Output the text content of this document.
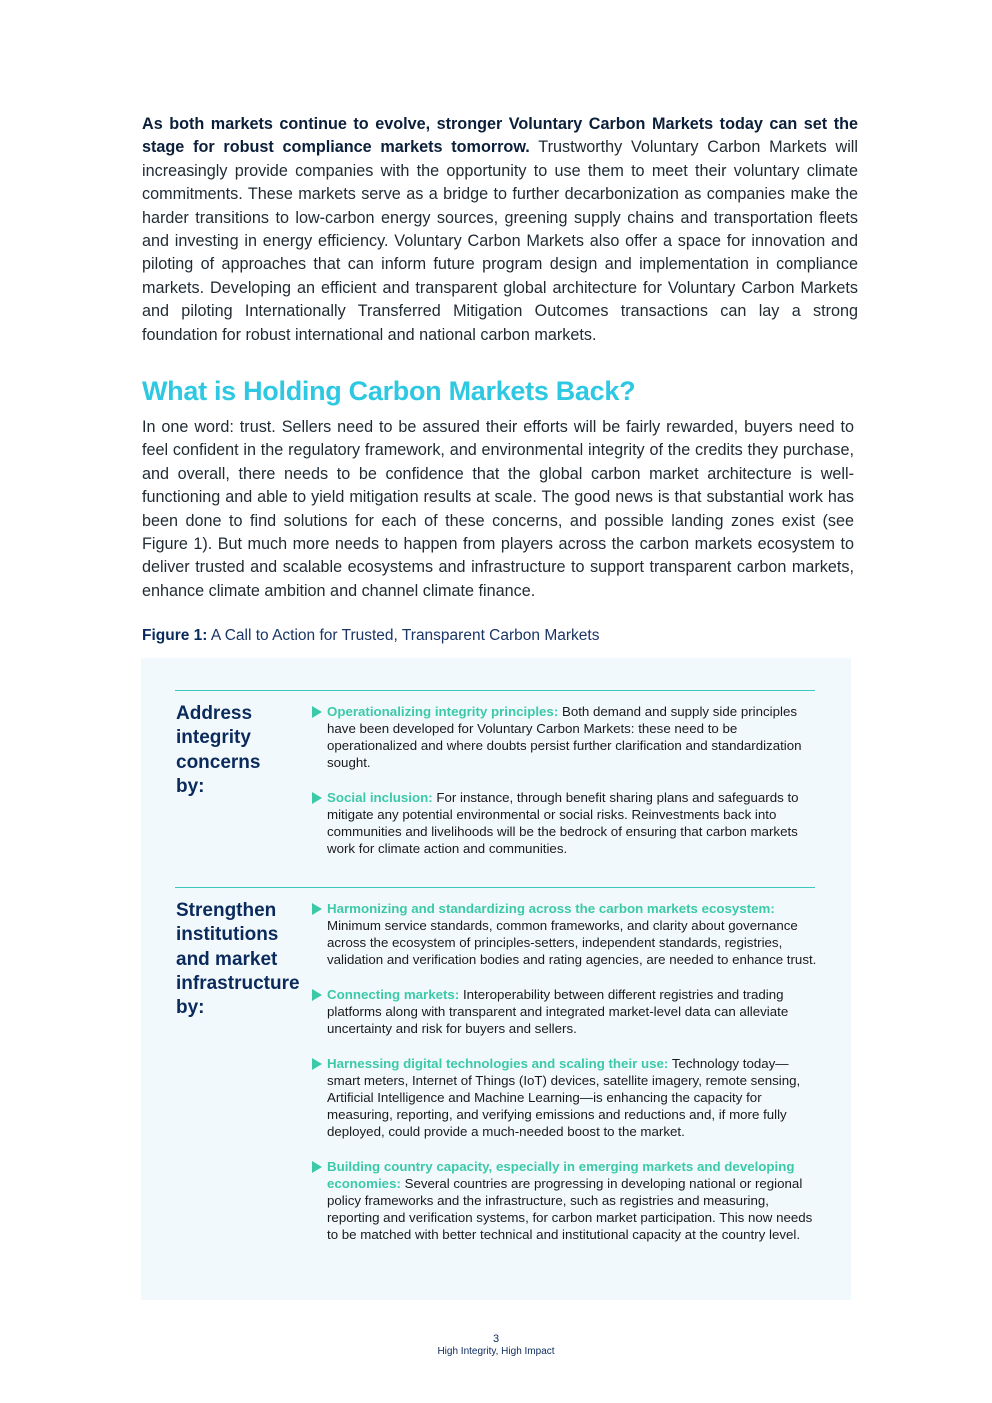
As both markets continue to evolve, stronger Voluntary Carbon Markets today can set the stage for robust compliance markets tomorrow. Trustworthy Voluntary Carbon Markets will increasingly provide companies with the opportunity to use them to meet their voluntary climate commitments. These markets serve as a bridge to further decarbonization as companies make the harder transitions to low-carbon energy sources, greening supply chains and transportation fleets and investing in energy efficiency. Voluntary Carbon Markets also offer a space for innovation and piloting of approaches that can inform future program design and implementation in compliance markets. Developing an efficient and transparent global architecture for Voluntary Carbon Markets and piloting Internationally Transferred Mitigation Outcomes transactions can lay a strong foundation for robust international and national carbon markets.

What is Holding Carbon Markets Back?

In one word: trust. Sellers need to be assured their efforts will be fairly rewarded, buyers need to feel confident in the regulatory framework, and environmental integrity of the credits they purchase, and overall, there needs to be confidence that the global carbon market architecture is well-functioning and able to yield mitigation results at scale. The good news is that substantial work has been done to find solutions for each of these concerns, and possible landing zones exist (see Figure 1). But much more needs to happen from players across the carbon markets ecosystem to deliver trusted and scalable ecosystems and infrastructure to support transparent carbon markets, enhance climate ambition and channel climate finance.

Figure 1: A Call to Action for Trusted, Transparent Carbon Markets

Address
integrity
concerns
by:
Operationalizing integrity principles: Both demand and supply side principles have been developed for Voluntary Carbon Markets: these need to be operationalized and where doubts persist further clarification and standardization sought.
Social inclusion: For instance, through benefit sharing plans and safeguards to mitigate any potential environmental or social risks. Reinvestments back into communities and livelihoods will be the bedrock of ensuring that carbon markets work for climate action and communities.
Strengthen
institutions
and market
infrastructure
by:
Harmonizing and standardizing across the carbon markets ecosystem: Minimum service standards, common frameworks, and clarity about governance across the ecosystem of principles-setters, independent standards, registries, validation and verification bodies and rating agencies, are needed to enhance trust.
Connecting markets: Interoperability between different registries and trading platforms along with transparent and integrated market-level data can alleviate uncertainty and risk for buyers and sellers.
Harnessing digital technologies and scaling their use: Technology today—smart meters, Internet of Things (IoT) devices, satellite imagery, remote sensing, Artificial Intelligence and Machine Learning—is enhancing the capacity for measuring, reporting, and verifying emissions and reductions and, if more fully deployed, could provide a much-needed boost to the market.
Building country capacity, especially in emerging markets and developing economies: Several countries are progressing in developing national or regional policy frameworks and the infrastructure, such as registries and measuring, reporting and verification systems, for carbon market participation. This now needs to be matched with better technical and institutional capacity at the country level.

3

High Integrity, High Impact
